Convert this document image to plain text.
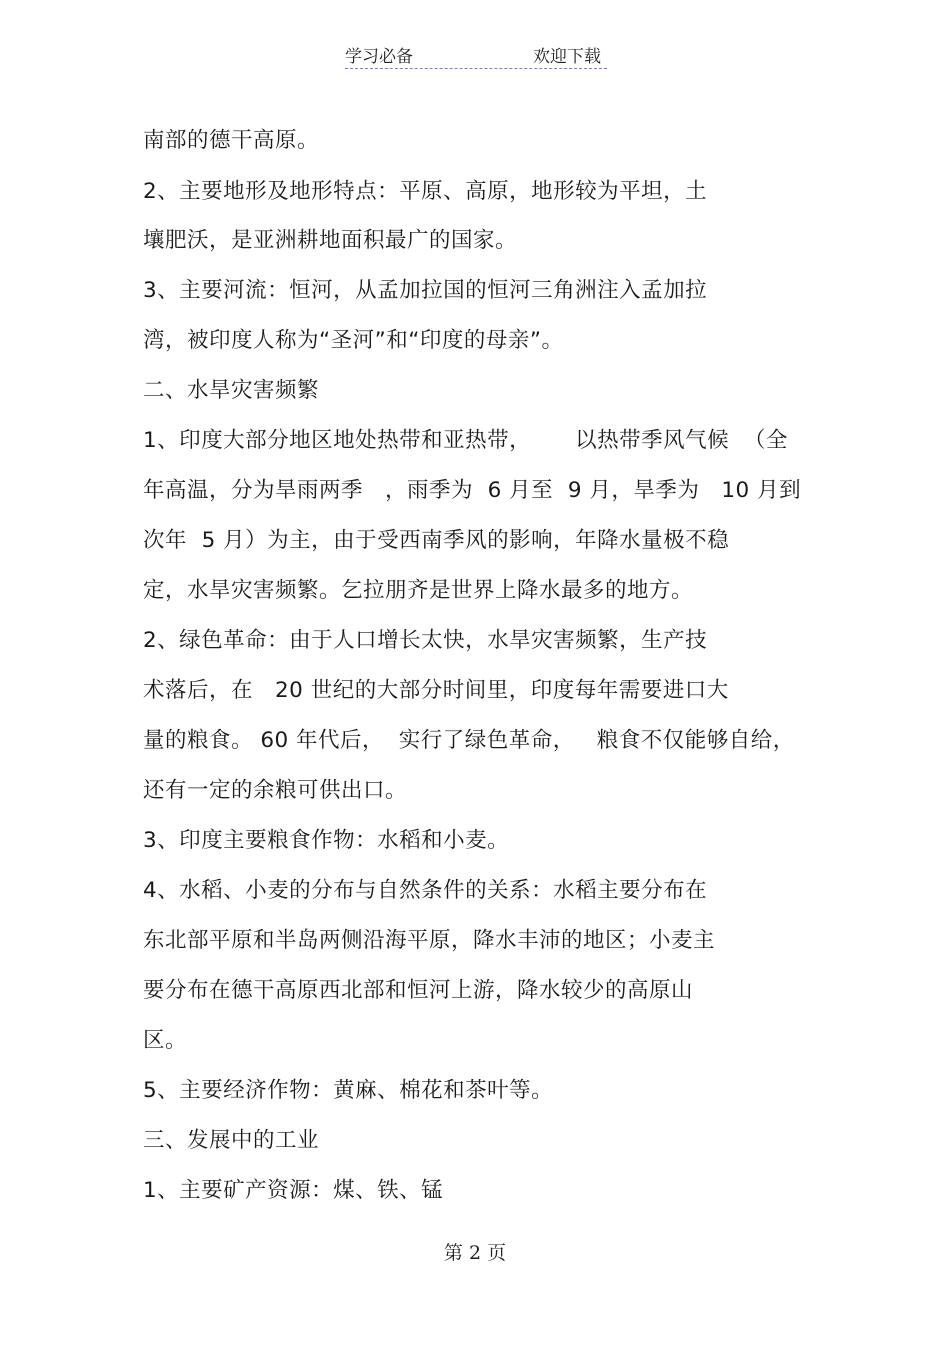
学习必备	欢迎下载
南部的德干高原。
2、主要地形及地形特点：平原、高原，地形较为平坦，土
壤肥沃，是亚洲耕地面积最广的国家。
3、主要河流：恒河，从孟加拉国的恒河三角洲注入孟加拉
湾，被印度人称为“圣河”和“印度的母亲”。
二、水旱灾害频繁
1、印度大部分地区地处热带和亚热带，      以热带季风气候  （全
年高温，分为旱雨两季   ，雨季为  6 月至  9 月，旱季为   10 月到
次年  5 月）为主，由于受西南季风的影响，年降水量极不稳
定，水旱灾害频繁。乞拉朋齐是世界上降水最多的地方。
2、绿色革命：由于人口增长太快，水旱灾害频繁，生产技
术落后，在   20 世纪的大部分时间里，印度每年需要进口大
量的粮食。 60 年代后，  实行了绿色革命，   粮食不仅能够自给，
还有一定的余粮可供出口。
3、印度主要粮食作物：水稻和小麦。
4、水稻、小麦的分布与自然条件的关系：水稻主要分布在
东北部平原和半岛两侧沿海平原，降水丰沛的地区；小麦主
要分布在德干高原西北部和恒河上游，降水较少的高原山
区。
5、主要经济作物：黄麻、棉花和茶叶等。
三、发展中的工业
1、主要矿产资源：煤、铁、锰
第 2 页
